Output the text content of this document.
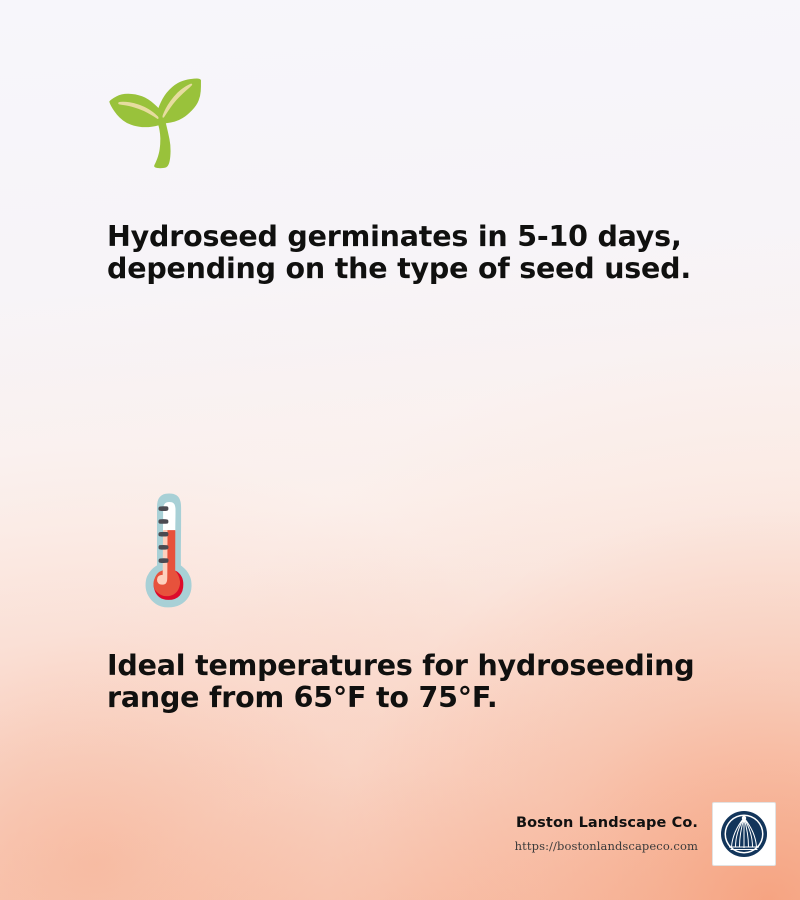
🌱
Hydroseed germinates in 5-10 days, depending on the type of seed used.
🌡️
Ideal temperatures for hydroseeding range from 65°F to 75°F.
Boston Landscape Co.
https://bostonlandscapeco.com
